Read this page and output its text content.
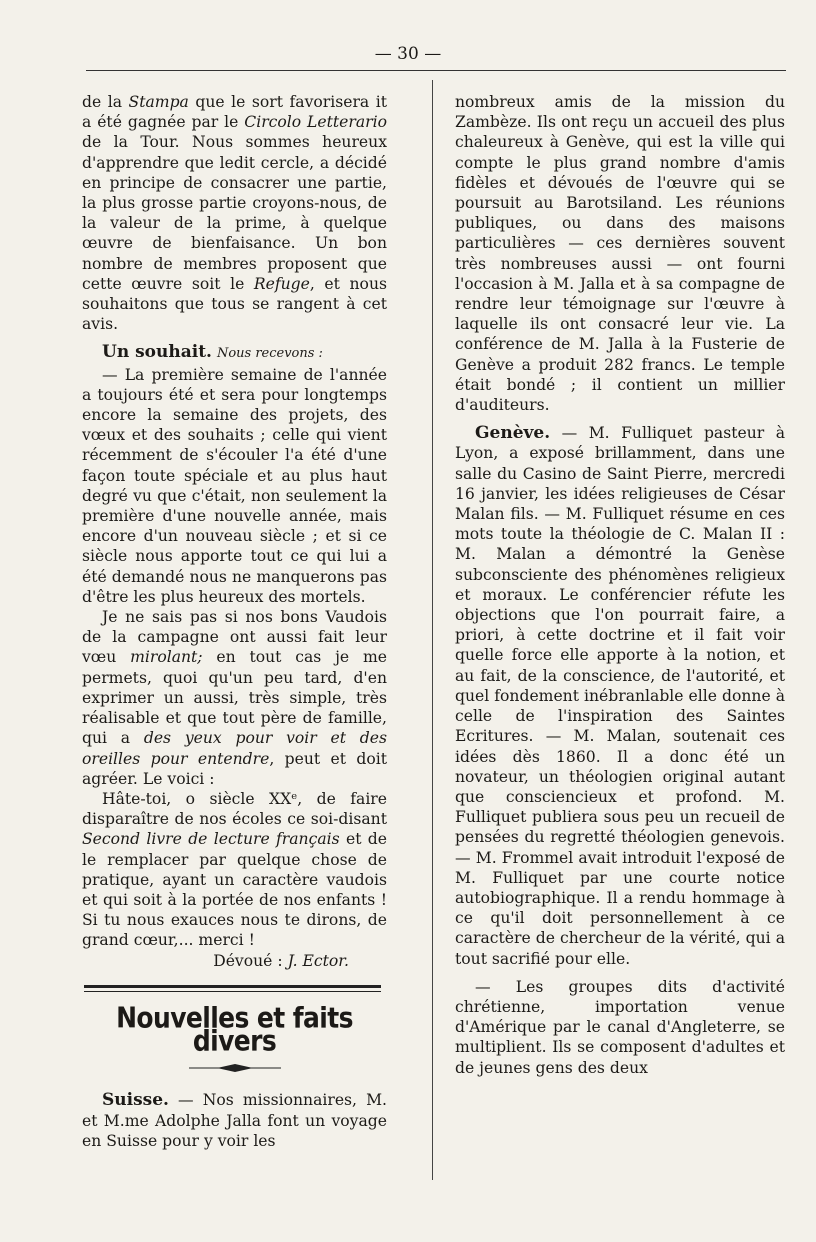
— 30 —

de la Stampa que le sort favorisera it a été gagnée par le Circolo Letterario de la Tour. Nous sommes heureux d'apprendre que ledit cercle, a décidé en principe de consacrer une partie, la plus grosse partie croyons-nous, de la valeur de la prime, à quelque œuvre de bienfaisance. Un bon nombre de membres proposent que cette œuvre soit le Refuge, et nous souhaitons que tous se rangent à cet avis.

Un souhait. Nous recevons :

— La première semaine de l'année a toujours été et sera pour longtemps encore la semaine des projets, des vœux et des souhaits ; celle qui vient récemment de s'écouler l'a été d'une façon toute spéciale et au plus haut degré vu que c'était, non seulement la première d'une nouvelle année, mais encore d'un nouveau siècle ; et si ce siècle nous apporte tout ce qui lui a été demandé nous ne manquerons pas d'être les plus heureux des mortels.

Je ne sais pas si nos bons Vaudois de la campagne ont aussi fait leur vœu mirolant; en tout cas je me permets, quoi qu'un peu tard, d'en exprimer un aussi, très simple, très réalisable et que tout père de famille, qui a des yeux pour voir et des oreilles pour entendre, peut et doit agréer. Le voici :

Hâte-toi, o siècle XXᵉ, de faire disparaître de nos écoles ce soi-disant Second livre de lecture français et de le remplacer par quelque chose de pratique, ayant un caractère vaudois et qui soit à la portée de nos enfants ! Si tu nous exauces nous te dirons, de grand cœur,... merci !

Dévoué : J. Ector.

Nouvelles et faits divers

Suisse. — Nos missionnaires, M. et M.me Adolphe Jalla font un voyage en Suisse pour y voir les

nombreux amis de la mission du Zambèze. Ils ont reçu un accueil des plus chaleureux à Genève, qui est la ville qui compte le plus grand nombre d'amis fidèles et dévoués de l'œuvre qui se poursuit au Barotsiland. Les réunions publiques, ou dans des maisons particulières — ces dernières souvent très nombreuses aussi — ont fourni l'occasion à M. Jalla et à sa compagne de rendre leur témoignage sur l'œuvre à laquelle ils ont consacré leur vie. La conférence de M. Jalla à la Fusterie de Genève a produit 282 francs. Le temple était bondé ; il contient un millier d'auditeurs.

Genève. — M. Fulliquet pasteur à Lyon, a exposé brillamment, dans une salle du Casino de Saint Pierre, mercredi 16 janvier, les idées religieuses de César Malan fils. — M. Fulliquet résume en ces mots toute la théologie de C. Malan II : M. Malan a démontré la Genèse subconsciente des phénomènes religieux et moraux. Le conférencier réfute les objections que l'on pourrait faire, a priori, à cette doctrine et il fait voir quelle force elle apporte à la notion, et au fait, de la conscience, de l'autorité, et quel fondement inébranlable elle donne à celle de l'inspiration des Saintes Ecritures. — M. Malan, soutenait ces idées dès 1860. Il a donc été un novateur, un théologien original autant que consciencieux et profond. M. Fulliquet publiera sous peu un recueil de pensées du regretté théologien genevois. — M. Frommel avait introduit l'exposé de M. Fulliquet par une courte notice autobiographique. Il a rendu hommage à ce qu'il doit personnellement à ce caractère de chercheur de la vérité, qui a tout sacrifié pour elle.

— Les groupes dits d'activité chrétienne, importation venue d'Amérique par le canal d'Angleterre, se multiplient. Ils se composent d'adultes et de jeunes gens des deux
